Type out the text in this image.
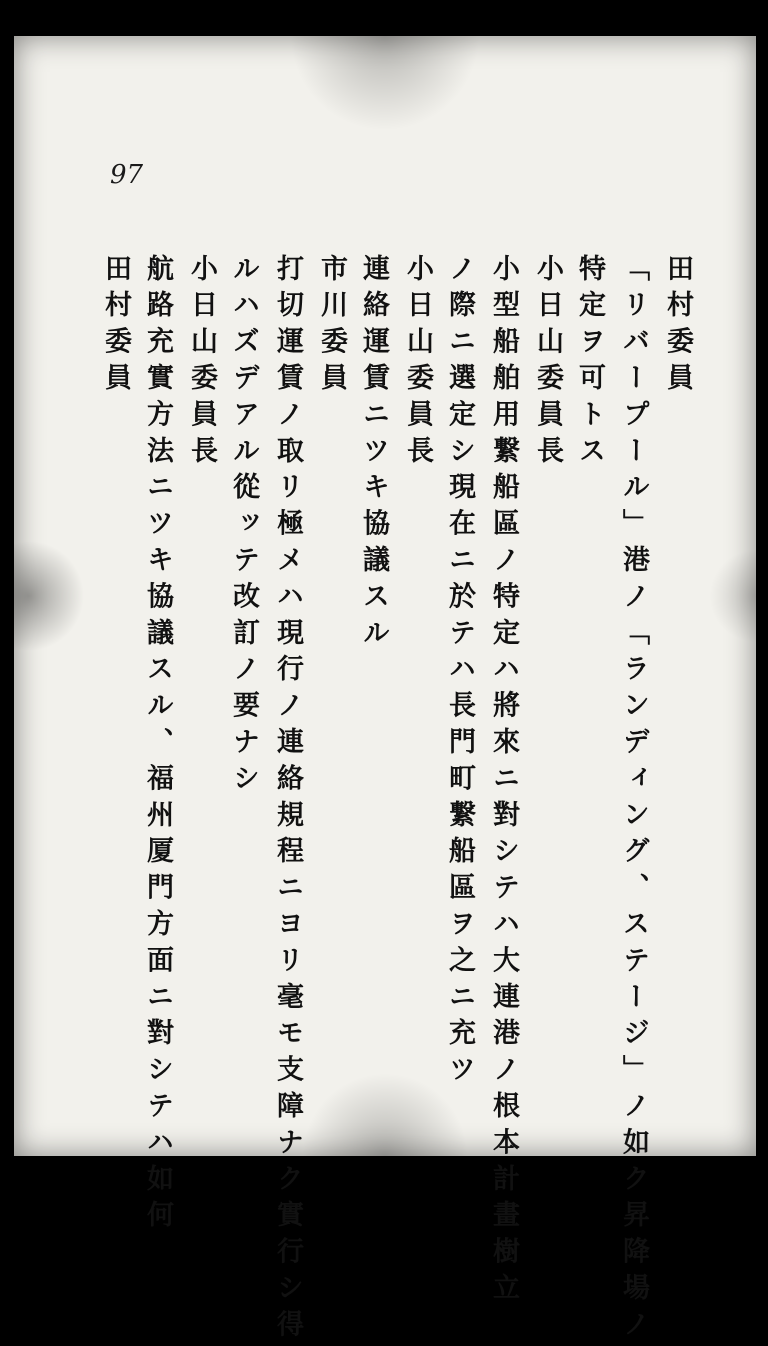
97
田村委員
「リバープール」港ノ「ランディング、ステージ」ノ如ク昇降場ノ
特定ヲ可トス
小日山委員長
小型船舶用繋船區ノ特定ハ將來ニ對シテハ大連港ノ根本計畫樹立
ノ際ニ選定シ現在ニ於テハ長門町繋船區ヲ之ニ充ツ
小日山委員長
連絡運賃ニツキ協議スル
市川委員
打切運賃ノ取リ極メハ現行ノ連絡規程ニヨリ毫モ支障ナク實行シ得
ルハズデアル從ッテ改訂ノ要ナシ
小日山委員長
航路充實方法ニツキ協議スル、福州厦門方面ニ對シテハ如何
田村委員
